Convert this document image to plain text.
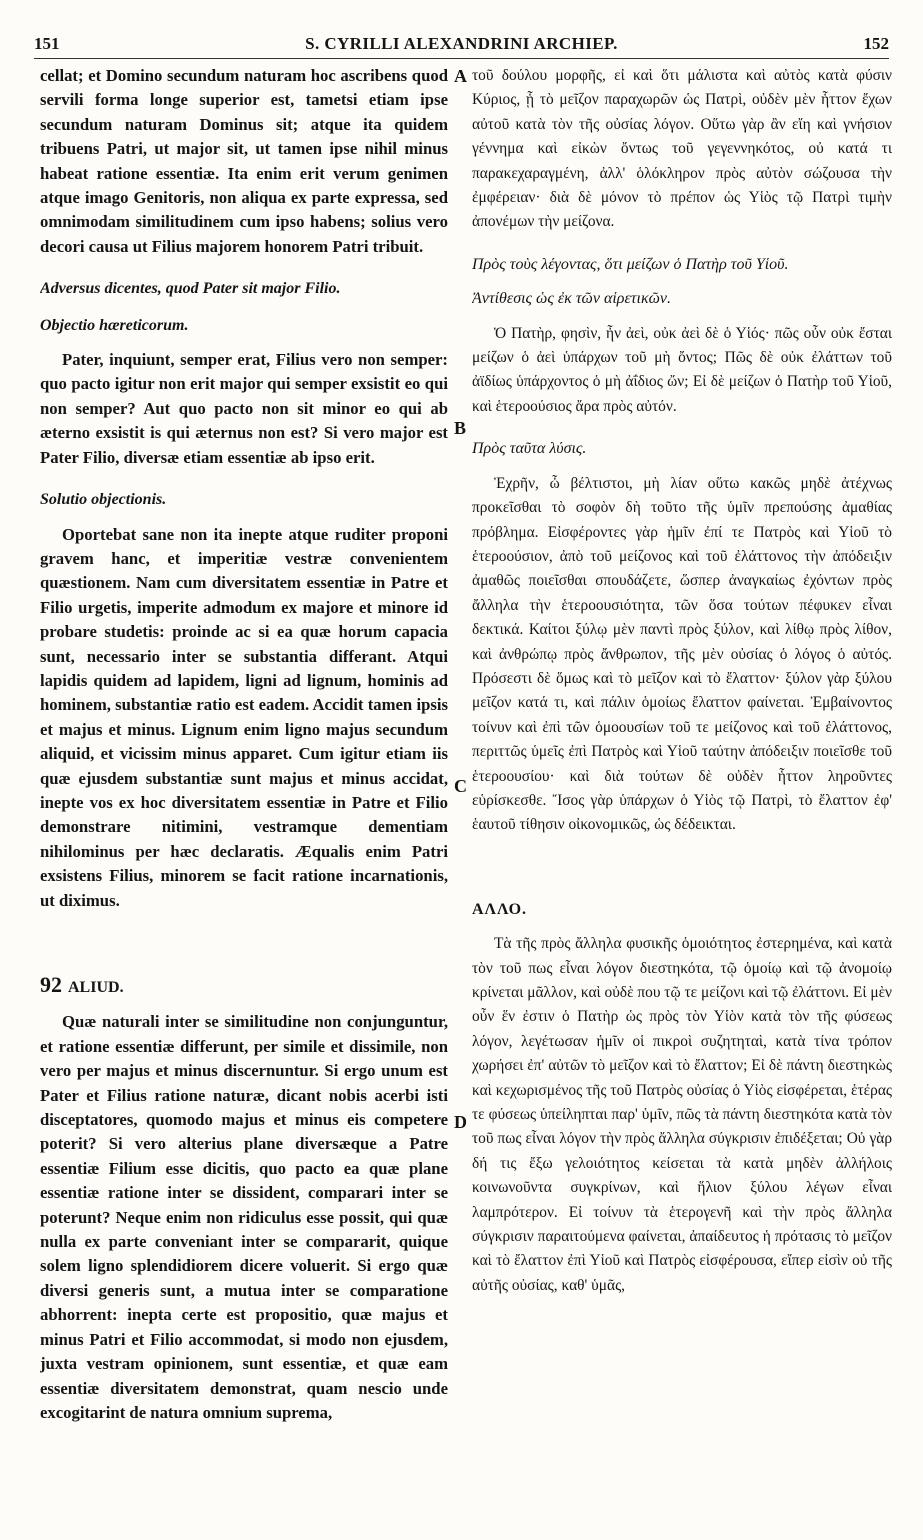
151	S. CYRILLI ALEXANDRINI ARCHIEP.	152

cellat; et Domino secundum naturam hoc ascribens quod servili forma longe superior est, tametsi etiam ipse secundum naturam Dominus sit; atque ita quidem tribuens Patri, ut major sit, ut tamen ipse nihil minus habeat ratione essentiæ. Ita enim erit verum genimen atque imago Genitoris, non aliqua ex parte expressa, sed omnimodam similitudinem cum ipso habens; solius vero decori causa ut Filius majorem honorem Patri tribuit.

Adversus dicentes, quod Pater sit major Filio.

Objectio hæreticorum.

Pater, inquiunt, semper erat, Filius vero non semper: quo pacto igitur non erit major qui semper exsistit eo qui non semper? Aut quo pacto non sit minor eo qui ab æterno exsistit is qui æternus non est? Si vero major est Pater Filio, diversæ etiam essentiæ ab ipso erit.

Solutio objectionis.

Oportebat sane non ita inepte atque ruditer proponi gravem hanc, et imperitiæ vestræ convenientem quæstionem. Nam cum diversitatem essentiæ in Patre et Filio urgetis, imperite admodum ex majore et minore id probare studetis: proinde ac si ea quæ horum capacia sunt, necessario inter se substantia differant. Atqui lapidis quidem ad lapidem, ligni ad lignum, hominis ad hominem, substantiæ ratio est eadem. Accidit tamen ipsis et majus et minus. Lignum enim ligno majus secundum aliquid, et vicissim minus apparet. Cum igitur etiam iis quæ ejusdem substantiæ sunt majus et minus accidat, inepte vos ex hoc diversitatem essentiæ in Patre et Filio demonstrare nitimini, vestramque dementiam nihilominus per hæc declaratis. Æqualis enim Patri exsistens Filius, minorem se facit ratione incarnationis, ut diximus.

92 ALIUD.

Quæ naturali inter se similitudine non conjunguntur, et ratione essentiæ differunt, per simile et dissimile, non vero per majus et minus discernuntur. Si ergo unum est Pater et Filius ratione naturæ, dicant nobis acerbi isti disceptatores, quomodo majus et minus eis competere poterit? Si vero alterius plane diversæque a Patre essentiæ Filium esse dicitis, quo pacto ea quæ plane essentiæ ratione inter se dissident, comparari inter se poterunt? Neque enim non ridiculus esse possit, qui quæ nulla ex parte conveniant inter se compararit, quique solem ligno splendidiorem dicere voluerit. Si ergo quæ diversi generis sunt, a mutua inter se comparatione abhorrent: inepta certe est propositio, quæ majus et minus Patri et Filio accommodat, si modo non ejusdem, juxta vestram opinionem, sunt essentiæ, et quæ eam essentiæ diversitatem demonstrat, quam nescio unde excogitarint de natura omnium suprema,

A
B
C
D

τοῦ δούλου μορφῆς, εἰ καὶ ὅτι μάλιστα καὶ αὐτὸς κατὰ φύσιν Κύριος, ᾗ τὸ μεῖζον παραχωρῶν ὡς Πατρὶ, οὐδὲν μὲν ἧττον ἔχων αὐτοῦ κατὰ τὸν τῆς οὐσίας λόγον. Οὕτω γὰρ ἂν εἴη καὶ γνήσιον γέννημα καὶ εἰκὼν ὄντως τοῦ γεγεννηκότος, οὐ κατά τι παρακεχαραγμένη, ἀλλ' ὁλόκληρον πρὸς αὐτὸν σώζουσα τὴν ἐμφέρειαν· διὰ δὲ μόνον τὸ πρέπον ὡς Υἱὸς τῷ Πατρὶ τιμὴν ἀπονέμων τὴν μείζονα.

Πρὸς τοὺς λέγοντας, ὅτι μείζων ὁ Πατὴρ τοῦ Υἱοῦ.

Ἀντίθεσις ὡς ἐκ τῶν αἱρετικῶν.

Ὁ Πατὴρ, φησὶν, ἦν ἀεὶ, οὐκ ἀεὶ δὲ ὁ Υἱός· πῶς οὖν οὐκ ἔσται μείζων ὁ ἀεὶ ὑπάρχων τοῦ μὴ ὄντος; Πῶς δὲ οὐκ ἐλάττων τοῦ ἀϊδίως ὑπάρχοντος ὁ μὴ ἀΐδιος ὤν; Εἰ δὲ μείζων ὁ Πατὴρ τοῦ Υἱοῦ, καὶ ἑτεροούσιος ἄρα πρὸς αὐτόν.

Πρὸς ταῦτα λύσις.

Ἐχρῆν, ὦ βέλτιστοι, μὴ λίαν οὕτω κακῶς μηδὲ ἀτέχνως προκεῖσθαι τὸ σοφὸν δὴ τοῦτο τῆς ὑμῖν πρεπούσης ἀμαθίας πρόβλημα. Εἰσφέροντες γὰρ ἡμῖν ἐπί τε Πατρὸς καὶ Υἱοῦ τὸ ἑτεροούσιον, ἀπὸ τοῦ μείζονος καὶ τοῦ ἐλάττονος τὴν ἀπόδειξιν ἀμαθῶς ποιεῖσθαι σπουδάζετε, ὥσπερ ἀναγκαίως ἐχόντων πρὸς ἄλληλα τὴν ἑτεροουσιότητα, τῶν ὅσα τούτων πέφυκεν εἶναι δεκτικά. Καίτοι ξύλῳ μὲν παντὶ πρὸς ξύλον, καὶ λίθῳ πρὸς λίθον, καὶ ἀνθρώπῳ πρὸς ἄνθρωπον, τῆς μὲν οὐσίας ὁ λόγος ὁ αὐτός. Πρόσεστι δὲ ὅμως καὶ τὸ μεῖζον καὶ τὸ ἔλαττον· ξύλον γὰρ ξύλου μεῖζον κατά τι, καὶ πάλιν ὁμοίως ἔλαττον φαίνεται. Ἐμβαίνοντος τοίνυν καὶ ἐπὶ τῶν ὁμοουσίων τοῦ τε μείζονος καὶ τοῦ ἐλάττονος, περιττῶς ὑμεῖς ἐπὶ Πατρὸς καὶ Υἱοῦ ταύτην ἀπόδειξιν ποιεῖσθε τοῦ ἑτεροουσίου· καὶ διὰ τούτων δὲ οὐδὲν ἧττον ληροῦντες εὑρίσκεσθε. Ἴσος γὰρ ὑπάρχων ὁ Υἱὸς τῷ Πατρὶ, τὸ ἔλαττον ἐφ' ἑαυτοῦ τίθησιν οἰκονομικῶς, ὡς δέδεικται.

ΑΛΛΟ.

Τὰ τῆς πρὸς ἄλληλα φυσικῆς ὁμοιότητος ἐστερημένα, καὶ κατὰ τὸν τοῦ πως εἶναι λόγον διεστηκότα, τῷ ὁμοίῳ καὶ τῷ ἀνομοίῳ κρίνεται μᾶλλον, καὶ οὐδὲ που τῷ τε μείζονι καὶ τῷ ἐλάττονι. Εἰ μὲν οὖν ἕν ἐστιν ὁ Πατὴρ ὡς πρὸς τὸν Υἱὸν κατὰ τὸν τῆς φύσεως λόγον, λεγέτωσαν ἡμῖν οἱ πικροὶ συζητηταὶ, κατὰ τίνα τρόπον χωρήσει ἐπ' αὐτῶν τὸ μεῖζον καὶ τὸ ἔλαττον; Εἰ δὲ πάντη διεστηκὼς καὶ κεχωρισμένος τῆς τοῦ Πατρὸς οὐσίας ὁ Υἱὸς εἰσφέρεται, ἑτέρας τε φύσεως ὑπείληπται παρ' ὑμῖν, πῶς τὰ πάντη διεστηκότα κατὰ τὸν τοῦ πως εἶναι λόγον τὴν πρὸς ἄλληλα σύγκρισιν ἐπιδέξεται; Οὐ γὰρ δή τις ἔξω γελοιότητος κείσεται τὰ κατὰ μηδὲν ἀλλήλοις κοινωνοῦντα συγκρίνων, καὶ ἥλιον ξύλου λέγων εἶναι λαμπρότερον. Εἰ τοίνυν τὰ ἑτερογενῆ καὶ τὴν πρὸς ἄλληλα σύγκρισιν παραιτούμενα φαίνεται, ἀπαίδευτος ἡ πρότασις τὸ μεῖζον καὶ τὸ ἔλαττον ἐπὶ Υἱοῦ καὶ Πατρὸς εἰσφέρουσα, εἴπερ εἰσὶν οὐ τῆς αὐτῆς οὐσίας, καθ' ὑμᾶς,
